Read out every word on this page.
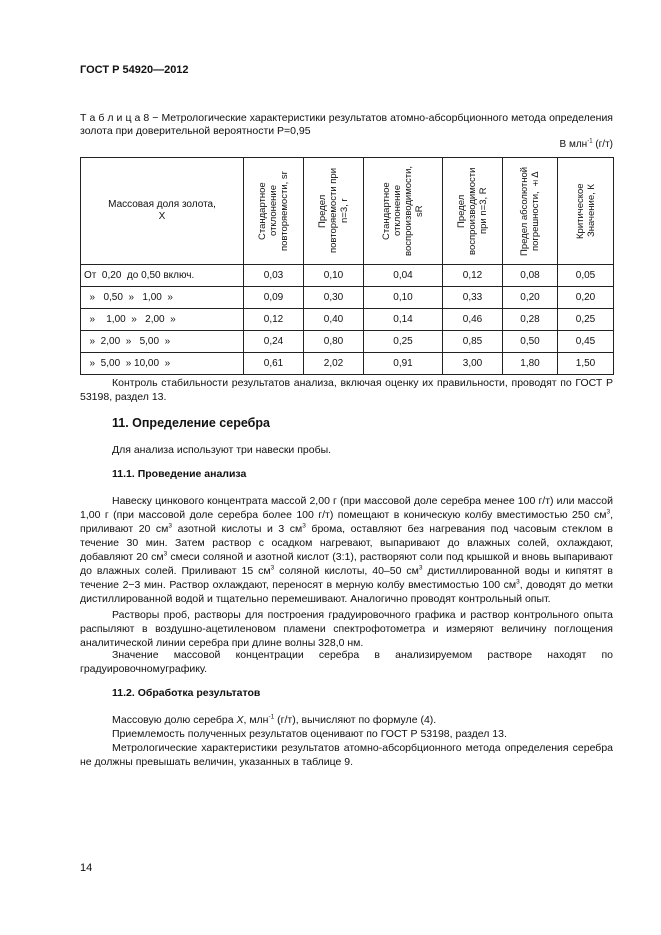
ГОСТ Р 54920—2012
Т а б л и ц а 8 − Метрологические характеристики результатов атомно-абсорбционного метода определения золота при доверительной вероятности Р=0,95
В млн$^{-1}$ (г/т)
Массовая доля золота,
Х	Стандартное отклонение повторяемости, sr	Предел повторяемости при n=3, r	Стандартное отклонение воспроизводимости, sR	Предел воспроизводимости при n=3, R	Предел абсолютной погрешности, ±Δ	Критическое Значение, К

От  0,20  до 0,50 включ.	0,03	0,10	0,04	0,12	0,08	0,05
»   0,50  »   1,00  »	0,09	0,30	0,10	0,33	0,20	0,20
»    1,00  »   2,00  »	0,12	0,40	0,14	0,46	0,28	0,25
»  2,00  »   5,00  »	0,24	0,80	0,25	0,85	0,50	0,45
»  5,00  » 10,00  »	0,61	2,02	0,91	3,00	1,80	1,50
Контроль стабильности результатов анализа, включая оценку их правильности, проводят по ГОСТ Р 53198, раздел 13.
11. Определение серебра
Для анализа используют три навески пробы.
11.1. Проведение анализа
Навеску цинкового концентрата массой 2,00 г (при массовой доле серебра менее 100 г/т) или массой 1,00 г (при массовой доле серебра более 100 г/т) помещают в коническую колбу вместимостью 250 $см^3$, приливают 20 $см^3$ азотной кислоты и 3 $см^3$ брома, оставляют без нагревания под часовым стеклом в течение 30 мин. Затем раствор с осадком нагревают, выпаривают до влажных солей, охлаждают, добавляют 20 $см^3$ смеси соляной и азотной кислот (3:1), растворяют соли под крышкой и вновь выпаривают до влажных солей. Приливают 15 $см^3$ соляной кислоты, 40–50 $см^3$ дистиллированной воды и кипятят в течение 2−3 мин. Раствор охлаждают, переносят в мерную колбу вместимостью 100 $см^3$, доводят до метки дистиллированной водой и тщательно перемешивают. Аналогично проводят контрольный опыт.
Растворы проб, растворы для построения градуировочного графика и раствор контрольного опыта распыляют в воздушно-ацетиленовом пламени спектрофотометра и измеряют величину поглощения аналитической линии серебра при длине волны 328,0 нм.
Значение массовой концентрации серебра в анализируемом растворе находят по градуировочномуграфику.
11.2. Обработка результатов
Массовую долю серебра X, млн$^{-1}$ (г/т), вычисляют по формуле (4).
Приемлемость полученных результатов оценивают по ГОСТ Р 53198, раздел 13.
Метрологические характеристики результатов атомно-абсорбционного метода определения серебра не должны превышать величин, указанных в таблице 9.
14
